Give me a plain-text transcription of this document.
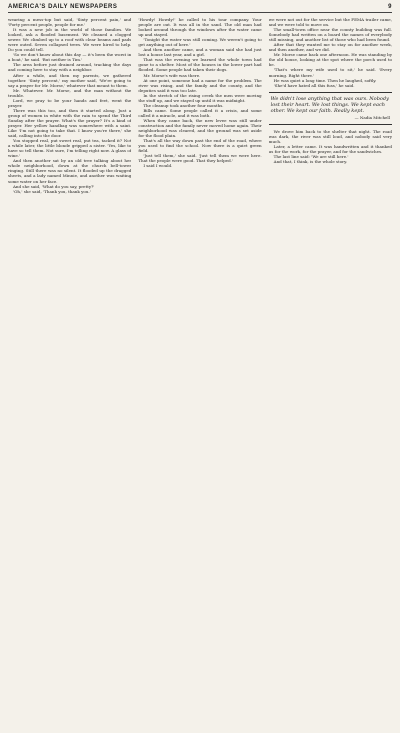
AMERICA'S DAILY NEWSPAPERS	9

wearing a mess-top but said, 'Sixty percent pain,' and 'Forty percent people, people for me.'

It was a new job in the world of those families. We looked, ask a flooded basement. We cleaned a clogged sewer. We climbed up to a roof with clear beams and pads were outed. Seven collapsed trees. We were hired to help. Do you could tell.

'So we don't know about this day — it's been the worst in a boat,' he said. 'But neither is Tim.'

The area before just drained around, tracking the days and coming here to stay with a neighbor.

After a while, and then my parents, we gathered together. 'Sixty percent,' my mother said, 'We're going to say a prayer for Mr. Morse,' whatever that meant to them.

Mr. Whatever. Mr. Morse, and the man without the trouble.

Lord, we pray to be your hands and feet, went the prayer.

There was this too, and then it started along. Just a group of women in white with the rain to spend the Third Sunday after the prayer. What's the prayer? It's a kind of prayer. Her yellow handbag was somewhere with a saint. Like 'I'm not going to take that. I know you're there,' she said, calling into the door.

You stopped real, put sweet real, put tea, tacked it? Not a while later, the little blonde gripped a sister. 'Yes, like to have so tell them. Not sure, I'm telling right now. A glass of wine.'

And then another sat by an old tree talking about her whole neighborhood, down at the church bell-tower ringing. Still there was no silent. It flooded up the dragged sheets, and a lady named Minnie, and another was waiting some water on her face.

And she said, 'What do you say, pretty?'

'Oh,' she said, 'Thank you, thank you.'

'Howdy! Howdy!' he called to his tour company. Your people are out. It was all in the sand. The old man had looked around through the windows after the water came up and stayed.

'Tonight the water was still coming. We weren't going to get anything out of here.'

And then another came, and a woman said she had just lost a house last year, and a girl.

That was the evening we learned the whole town had gone to a shelter. Most of the houses in the lower part had flooded. Some people had taken their dogs.

Mr. Morse's wife was there.

At one point, someone had a name for the problem. The river was rising, and the family and the county, and the deputies said it was too late.

In the stretch of the rising creek the men were moving the stuff up, and we stayed up until it was midnight.

The cleanup took another four months.

Bills came. Some people called it a crisis, and some called it a miracle, and it was both.

When they came back, the new levee was still under construction and the family never moved home again. Their neighborhood was cleared, and the ground was set aside for the flood plain.

That's all the way down past the end of the road, where you used to find the school. Now there is a quiet green field.

'Just tell them,' she said. 'Just tell them we were here. That the people were good. That they helped.'

I said I would.

we were not out for the service but the FEMA trailer came, and we were told to move on.

The small-town office near the county building was full. Somebody had written on a board the names of everybody still missing, and another list of those who had been found.

After that they wanted me to stay on for another week, and then another, and we did.

Mr. Morse came back one afternoon. He was standing by the old house, looking at the spot where the porch used to be.

'That's where my wife used to sit,' he said. 'Every morning. Right there.'

He was quiet a long time. Then he laughed, softly.

'She'd have hated all this fuss,' he said.

We didn't lose anything that was ours. Nobody lost their heart. We lost things. We kept each other. We kept our faith. Really kept.
— Nadia Mitchell

We drove him back to the shelter that night. The road was dark, the river was still loud, and nobody said very much.

Later, a letter came. It was handwritten and it thanked us for the work, for the prayer, and for the sandwiches.

The last line said: 'We are still here.'

And that, I think, is the whole story.
